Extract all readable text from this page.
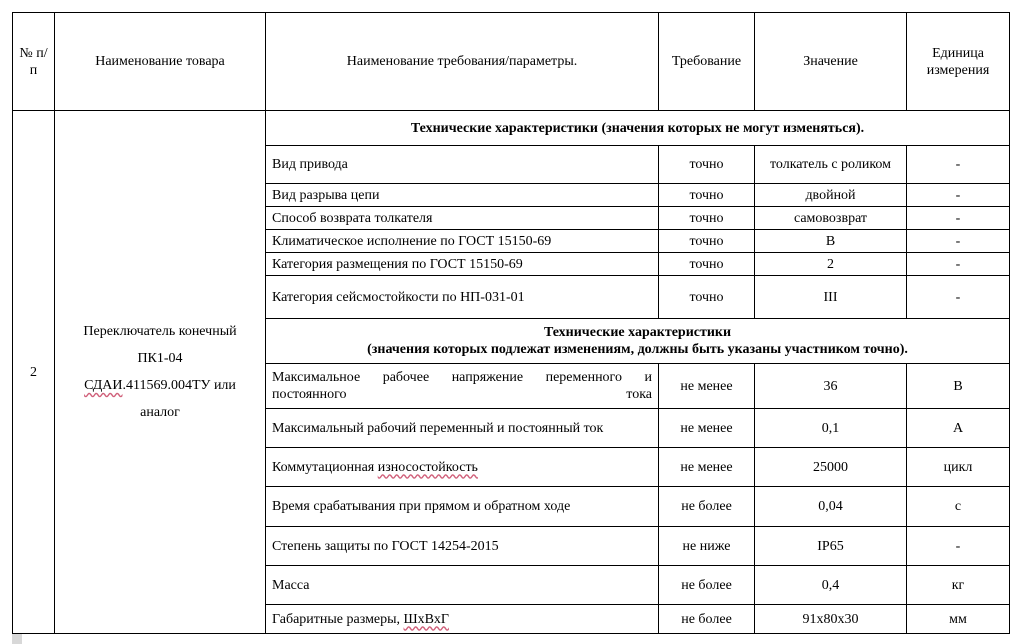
№ п/п	Наименование товара	Наименование требования/параметры.	Требование	Значение	Единица измерения
2	Переключатель конечный
ПК1-04
СДАИ.411569.004ТУ или
аналог	Технические характеристики (значения которых не могут изменяться).			
		Вид привода	точно	толкатель с роликом	-
		Вид разрыва цепи	точно	двойной	-
		Способ возврата толкателя	точно	самовозврат	-
		Климатическое исполнение по ГОСТ 15150-69	точно	В	-
		Категория размещения по ГОСТ 15150-69	точно	2	-
		Категория сейсмостойкости по НП-031-01	точно	III	-

		Технические характеристики
(значения которых подлежат изменениям, должны быть указаны участником точно).			

		Максимальное рабочее напряжение переменного и постоянного тока	не менее	36	В
		Максимальный рабочий переменный и постоянный ток	не менее	0,1	А
		Коммутационная износостойкость	не менее	25000	цикл
		Время срабатывания при прямом и обратном ходе	не более	0,04	с
		Степень защиты по ГОСТ 14254-2015	не ниже	IP65	-
		Масса	не более	0,4	кг
		Габаритные размеры, ШхВхГ	не более	91х80х30	мм
